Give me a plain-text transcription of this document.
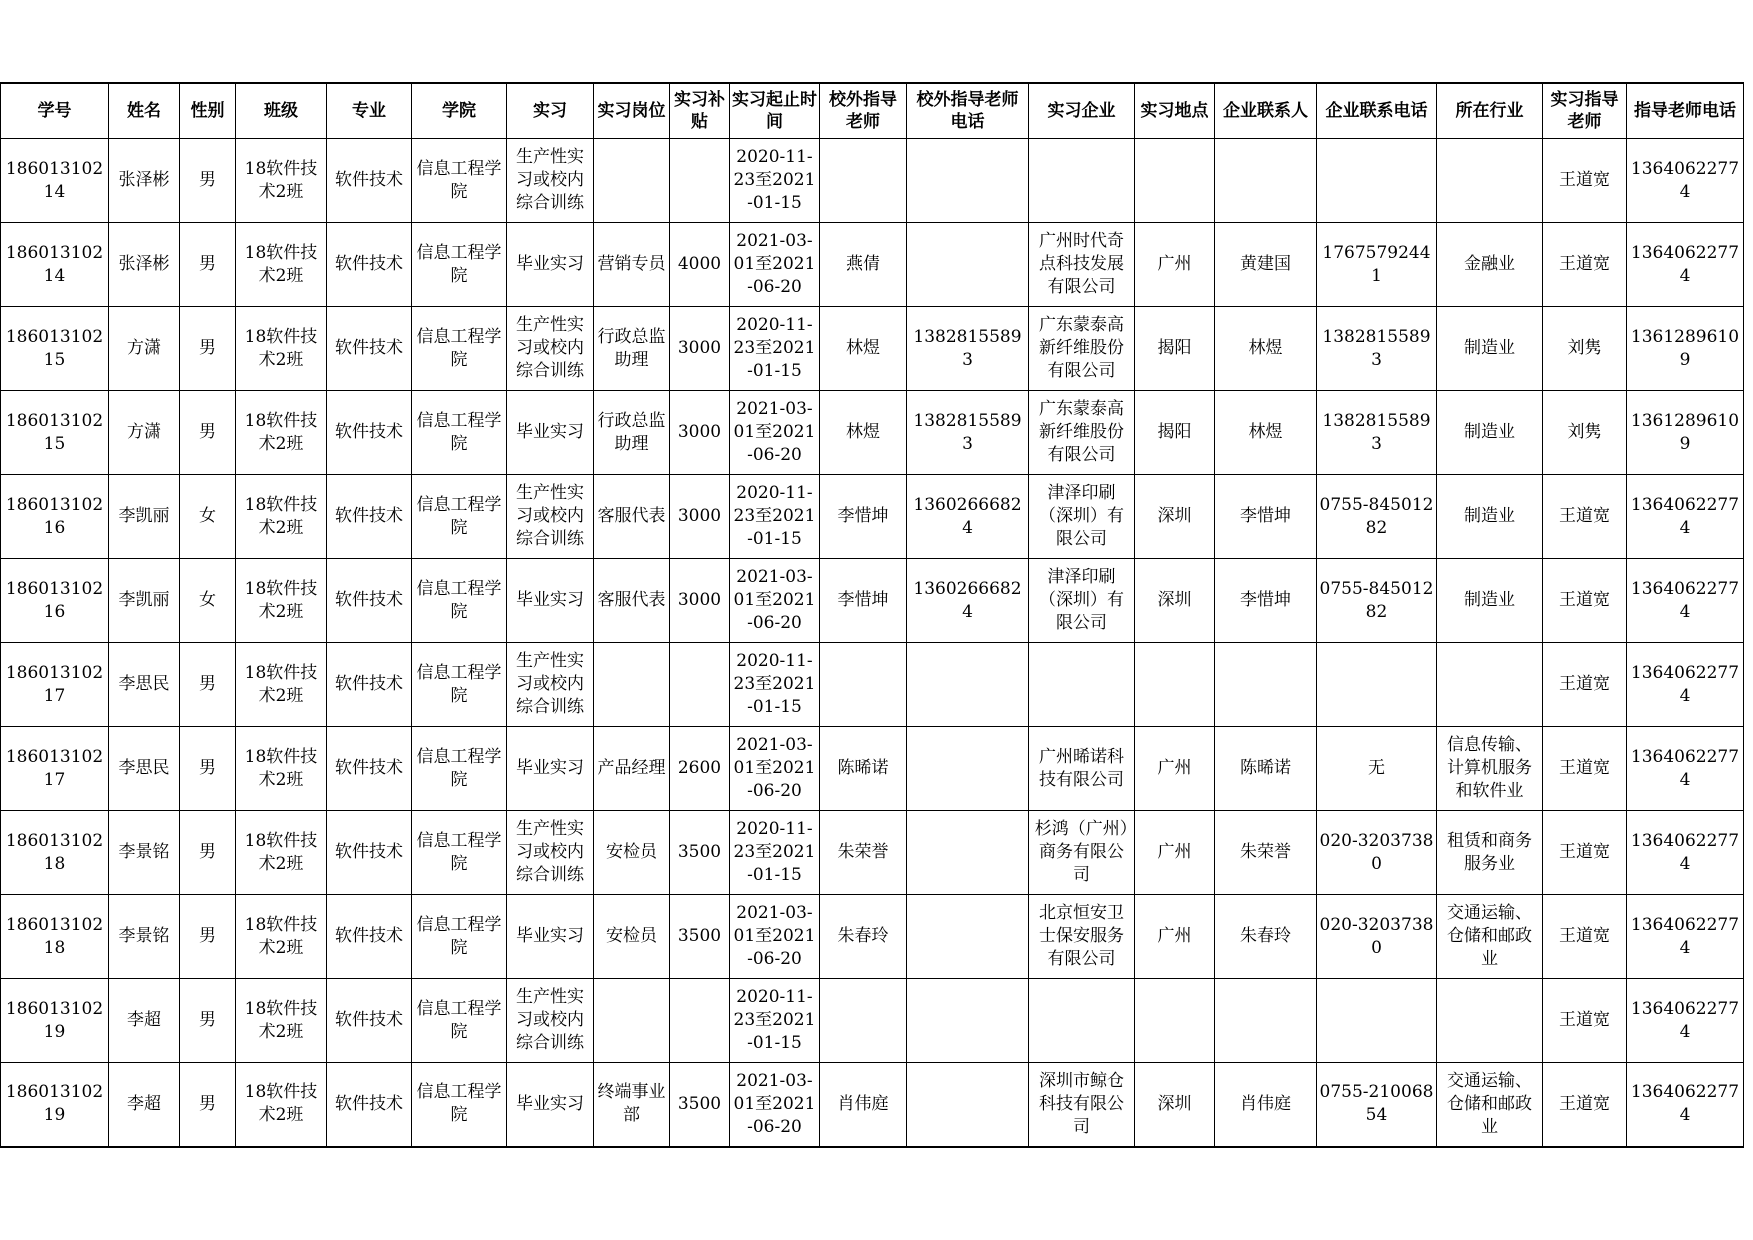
学号	姓名	性别	班级	专业	学院	实习	实习岗位	实习补贴	实习起止时间	校外指导老师	校外指导老师电话	实习企业	实习地点	企业联系人	企业联系电话	所在行业	实习指导老师	指导老师电话

18601310214	张泽彬	男	18软件技术2班	软件技术	信息工程学院	生产性实习或校内综合训练			2020-11-23至2021-01-15								王道宽	13640622774

18601310214	张泽彬	男	18软件技术2班	软件技术	信息工程学院	毕业实习	营销专员	4000	2021-03-01至2021-06-20	燕倩		广州时代奇点科技发展有限公司	广州	黄建国	17675792441	金融业	王道宽	13640622774

18601310215	方潇	男	18软件技术2班	软件技术	信息工程学院	生产性实习或校内综合训练	行政总监助理	3000	2020-11-23至2021-01-15	林煜	13828155893	广东蒙泰高新纤维股份有限公司	揭阳	林煜	13828155893	制造业	刘隽	13612896109

18601310215	方潇	男	18软件技术2班	软件技术	信息工程学院	毕业实习	行政总监助理	3000	2021-03-01至2021-06-20	林煜	13828155893	广东蒙泰高新纤维股份有限公司	揭阳	林煜	13828155893	制造业	刘隽	13612896109

18601310216	李凯丽	女	18软件技术2班	软件技术	信息工程学院	生产性实习或校内综合训练	客服代表	3000	2020-11-23至2021-01-15	李惜坤	13602666824	津泽印刷（深圳）有限公司	深圳	李惜坤	0755-84501282	制造业	王道宽	13640622774

18601310216	李凯丽	女	18软件技术2班	软件技术	信息工程学院	毕业实习	客服代表	3000	2021-03-01至2021-06-20	李惜坤	13602666824	津泽印刷（深圳）有限公司	深圳	李惜坤	0755-84501282	制造业	王道宽	13640622774

18601310217	李思民	男	18软件技术2班	软件技术	信息工程学院	生产性实习或校内综合训练			2020-11-23至2021-01-15								王道宽	13640622774

18601310217	李思民	男	18软件技术2班	软件技术	信息工程学院	毕业实习	产品经理	2600	2021-03-01至2021-06-20	陈晞诺		广州晞诺科技有限公司	广州	陈晞诺	无	信息传输、计算机服务和软件业	王道宽	13640622774

18601310218	李景铭	男	18软件技术2班	软件技术	信息工程学院	生产性实习或校内综合训练	安检员	3500	2020-11-23至2021-01-15	朱荣誉		杉鸿（广州）商务有限公司	广州	朱荣誉	020-32037380	租赁和商务服务业	王道宽	13640622774

18601310218	李景铭	男	18软件技术2班	软件技术	信息工程学院	毕业实习	安检员	3500	2021-03-01至2021-06-20	朱春玲		北京恒安卫士保安服务有限公司	广州	朱春玲	020-32037380	交通运输、仓储和邮政业	王道宽	13640622774

18601310219	李超	男	18软件技术2班	软件技术	信息工程学院	生产性实习或校内综合训练			2020-11-23至2021-01-15								王道宽	13640622774

18601310219	李超	男	18软件技术2班	软件技术	信息工程学院	毕业实习	终端事业部	3500	2021-03-01至2021-06-20	肖伟庭		深圳市鲸仓科技有限公司	深圳	肖伟庭	0755-21006854	交通运输、仓储和邮政业	王道宽	13640622774
